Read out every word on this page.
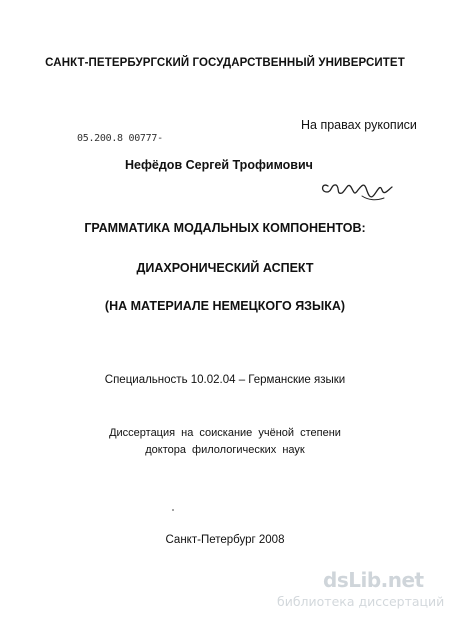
САНКТ-ПЕТЕРБУРГСКИЙ ГОСУДАРСТВЕННЫЙ УНИВЕРСИТЕТ
На правах рукописи
05.200.8 00777-
Нефёдов Сергей Трофимович
ГРАММАТИКА МОДАЛЬНЫХ КОМПОНЕНТОВ:
ДИАХРОНИЧЕСКИЙ АСПЕКТ
(НА МАТЕРИАЛЕ НЕМЕЦКОГО ЯЗЫКА)
Специальность 10.02.04 – Германские языки
Диссертация на соискание учёной степени
доктора филологических наук
Санкт-Петербург 2008
dsLib.net
библиотека диссертаций
